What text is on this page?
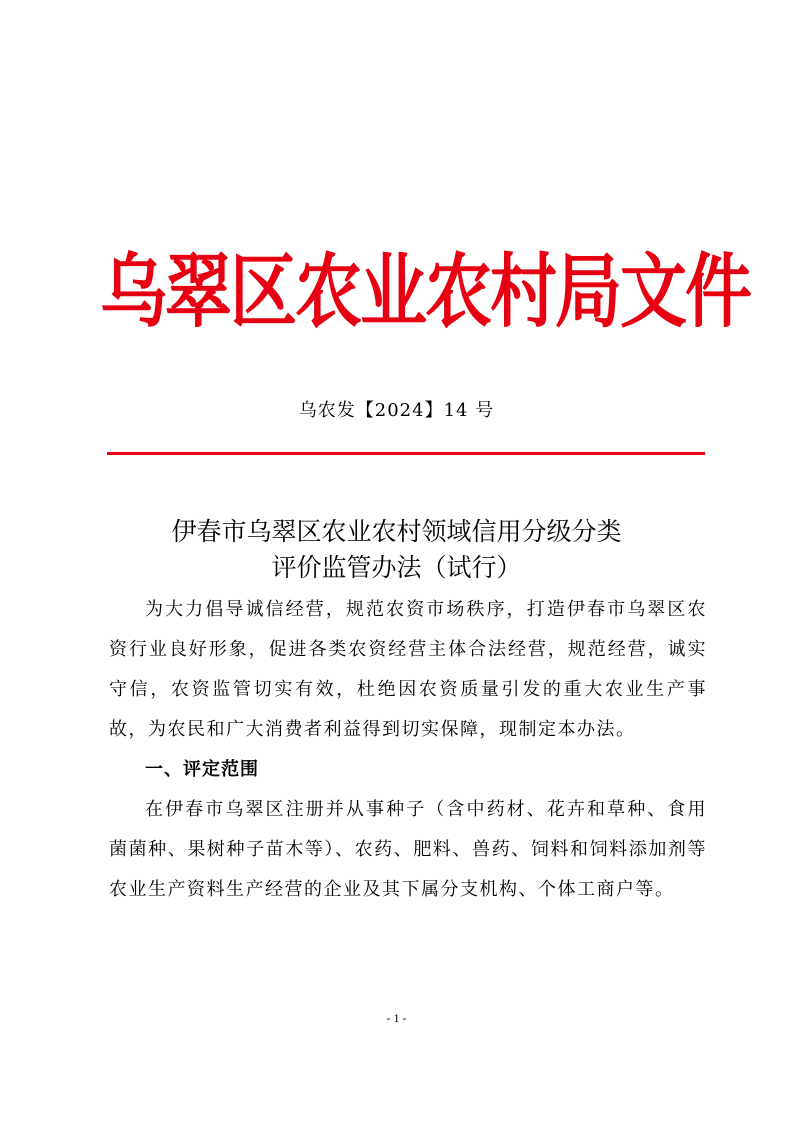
乌翠区农业农村局文件
乌农发【2024】14 号
伊春市乌翠区农业农村领域信用分级分类
评价监管办法（试行）

为大力倡导诚信经营，规范农资市场秩序，打造伊春市乌翠区农资行业良好形象，促进各类农资经营主体合法经营，规范经营，诚实守信，农资监管切实有效，杜绝因农资质量引发的重大农业生产事故，为农民和广大消费者利益得到切实保障，现制定本办法。

一、评定范围

在伊春市乌翠区注册并从事种子（含中药材、花卉和草种、食用菌菌种、果树种子苗木等）、农药、肥料、兽药、饲料和饲料添加剂等农业生产资料生产经营的企业及其下属分支机构、个体工商户等。

- 1 -
